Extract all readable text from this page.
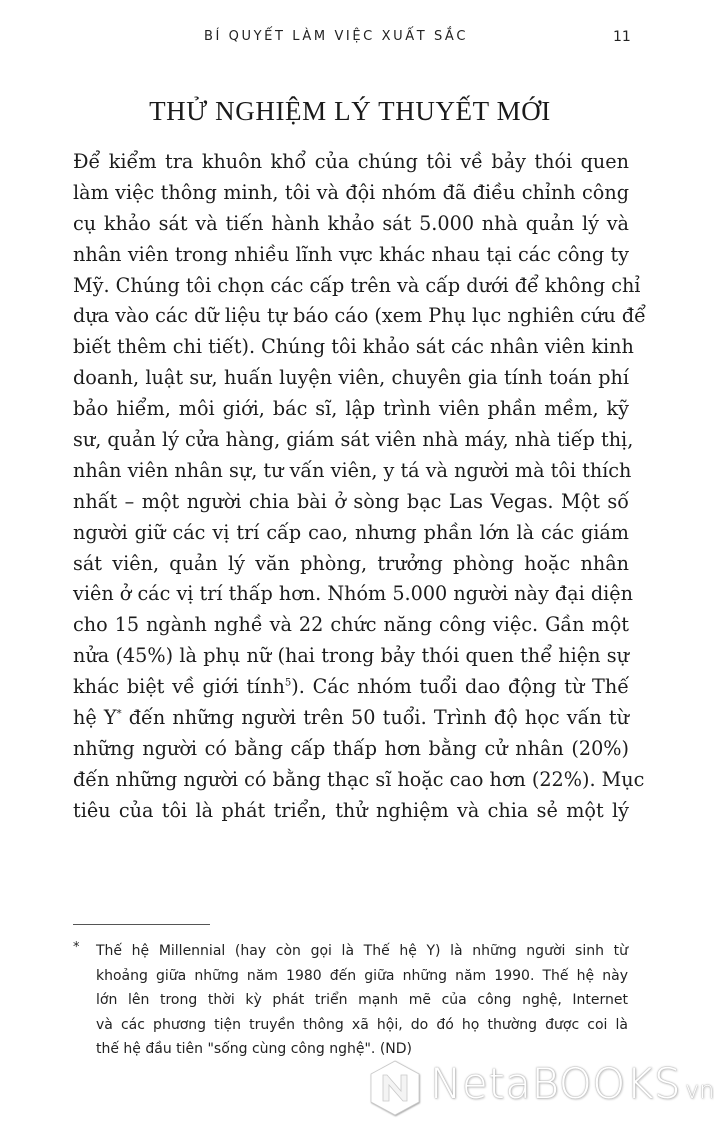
BÍ QUYẾT LÀM VIỆC XUẤT SẮC	11
THỬ NGHIỆM LÝ THUYẾT MỚI
Để kiểm tra khuôn khổ của chúng tôi về bảy thói quen
làm việc thông minh, tôi và đội nhóm đã điều chỉnh công
cụ khảo sát và tiến hành khảo sát 5.000 nhà quản lý và
nhân viên trong nhiều lĩnh vực khác nhau tại các công ty
Mỹ. Chúng tôi chọn các cấp trên và cấp dưới để không chỉ
dựa vào các dữ liệu tự báo cáo (xem Phụ lục nghiên cứu để
biết thêm chi tiết). Chúng tôi khảo sát các nhân viên kinh
doanh, luật sư, huấn luyện viên, chuyên gia tính toán phí
bảo hiểm, môi giới, bác sĩ, lập trình viên phần mềm, kỹ
sư, quản lý cửa hàng, giám sát viên nhà máy, nhà tiếp thị,
nhân viên nhân sự, tư vấn viên, y tá và người mà tôi thích
nhất – một người chia bài ở sòng bạc Las Vegas. Một số
người giữ các vị trí cấp cao, nhưng phần lớn là các giám
sát viên, quản lý văn phòng, trưởng phòng hoặc nhân
viên ở các vị trí thấp hơn. Nhóm 5.000 người này đại diện
cho 15 ngành nghề và 22 chức năng công việc. Gần một
nửa (45%) là phụ nữ (hai trong bảy thói quen thể hiện sự
khác biệt về giới tính$^5$). Các nhóm tuổi dao động từ Thế
hệ Y* đến những người trên 50 tuổi. Trình độ học vấn từ
những người có bằng cấp thấp hơn bằng cử nhân (20%)
đến những người có bằng thạc sĩ hoặc cao hơn (22%). Mục
tiêu của tôi là phát triển, thử nghiệm và chia sẻ một lý
* Thế hệ Millennial (hay còn gọi là Thế hệ Y) là những người sinh từ
khoảng giữa những năm 1980 đến giữa những năm 1990. Thế hệ này
lớn lên trong thời kỳ phát triển mạnh mẽ của công nghệ, Internet
và các phương tiện truyền thông xã hội, do đó họ thường được coi là
thế hệ đầu tiên "sống cùng công nghệ". (ND)
NetaBOOKS vn
